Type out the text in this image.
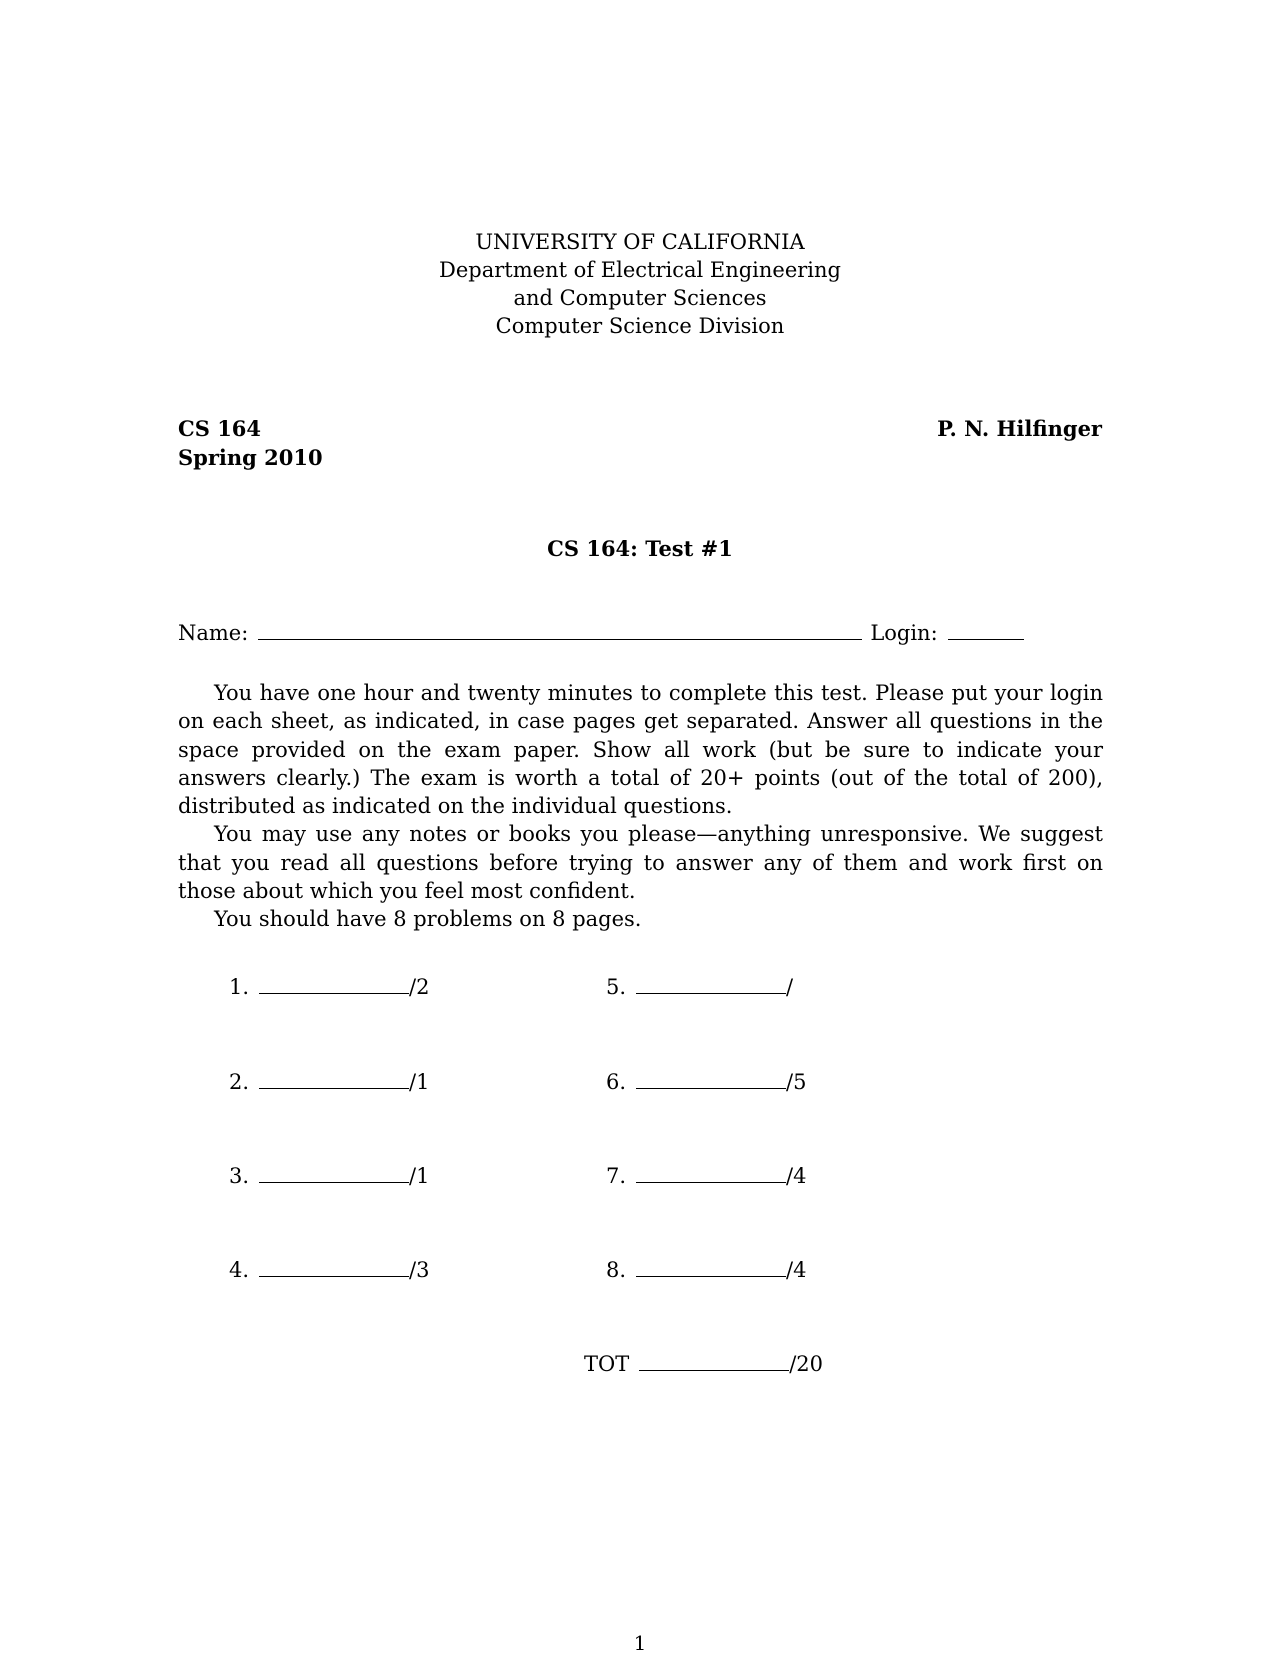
UNIVERSITY OF CALIFORNIA
Department of Electrical Engineering
and Computer Sciences
Computer Science Division
CS 164
Spring 2010
P. N. Hilfinger
CS 164: Test #1
Name:	Login:

You have one hour and twenty minutes to complete this test. Please put your login on each sheet, as indicated, in case pages get separated. Answer all questions in the space provided on the exam paper. Show all work (but be sure to indicate your answers clearly.) The exam is worth a total of 20+ points (out of the total of 200), distributed as indicated on the individual questions.

You may use any notes or books you please—anything unresponsive. We suggest that you read all questions before trying to answer any of them and work first on those about which you feel most confident.

You should have 8 problems on 8 pages.

1.	/2
2.	/1
3.	/1
4.	/3
5.	/
6.	/5
7.	/4
8.	/4
TOT	/20
1
